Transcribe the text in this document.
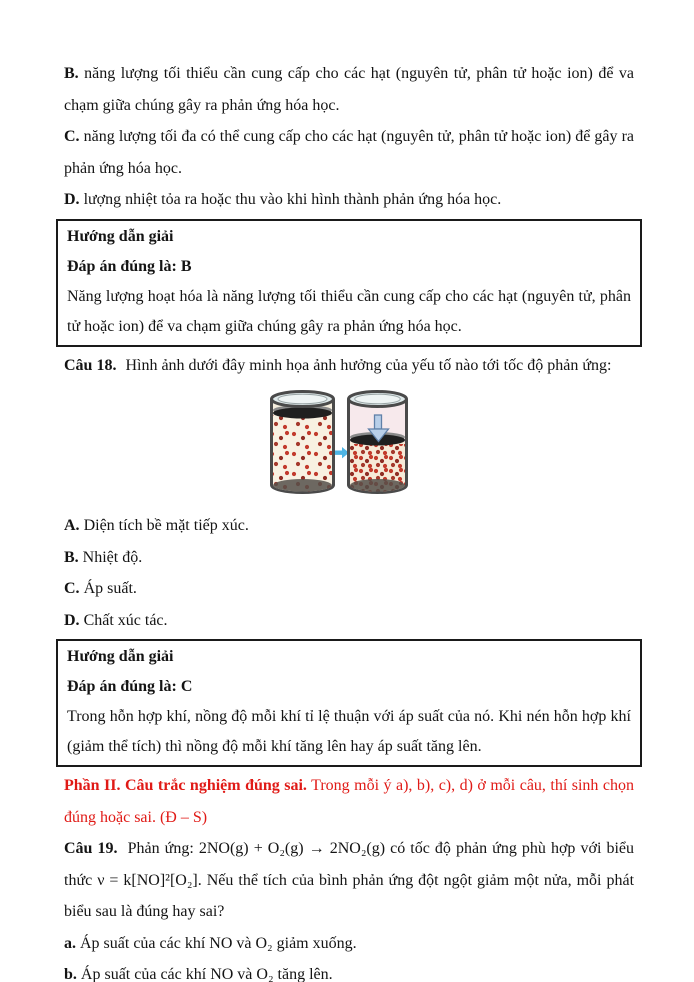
B. năng lượng tối thiểu cần cung cấp cho các hạt (nguyên tử, phân tử hoặc ion) để va chạm giữa chúng gây ra phản ứng hóa học.

C. năng lượng tối đa có thể cung cấp cho các hạt (nguyên tử, phân tử hoặc ion) để gây ra phản ứng hóa học.

D. lượng nhiệt tỏa ra hoặc thu vào khi hình thành phản ứng hóa học.

Hướng dẫn giải

Đáp án đúng là: B

Năng lượng hoạt hóa là năng lượng tối thiểu cần cung cấp cho các hạt (nguyên tử, phân tử hoặc ion) để va chạm giữa chúng gây ra phản ứng hóa học.

Câu 18. Hình ảnh dưới đây minh họa ảnh hưởng của yếu tố nào tới tốc độ phản ứng:

A. Diện tích bề mặt tiếp xúc.

B. Nhiệt độ.

C. Áp suất.

D. Chất xúc tác.

Hướng dẫn giải

Đáp án đúng là: C

Trong hỗn hợp khí, nồng độ mỗi khí tỉ lệ thuận với áp suất của nó. Khi nén hỗn hợp khí (giảm thể tích) thì nồng độ mỗi khí tăng lên hay áp suất tăng lên.

Phần II. Câu trắc nghiệm đúng sai. Trong mỗi ý a), b), c), d) ở mỗi câu, thí sinh chọn đúng hoặc sai. (Đ – S)

Câu 19. Phản ứng: 2NO(g) + O₂(g) → 2NO₂(g) có tốc độ phản ứng phù hợp với biểu thức ν = k[NO]²[O₂]. Nếu thể tích của bình phản ứng đột ngột giảm một nửa, mỗi phát biểu sau là đúng hay sai?

a. Áp suất của các khí NO và O₂ giảm xuống.

b. Áp suất của các khí NO và O₂ tăng lên.
